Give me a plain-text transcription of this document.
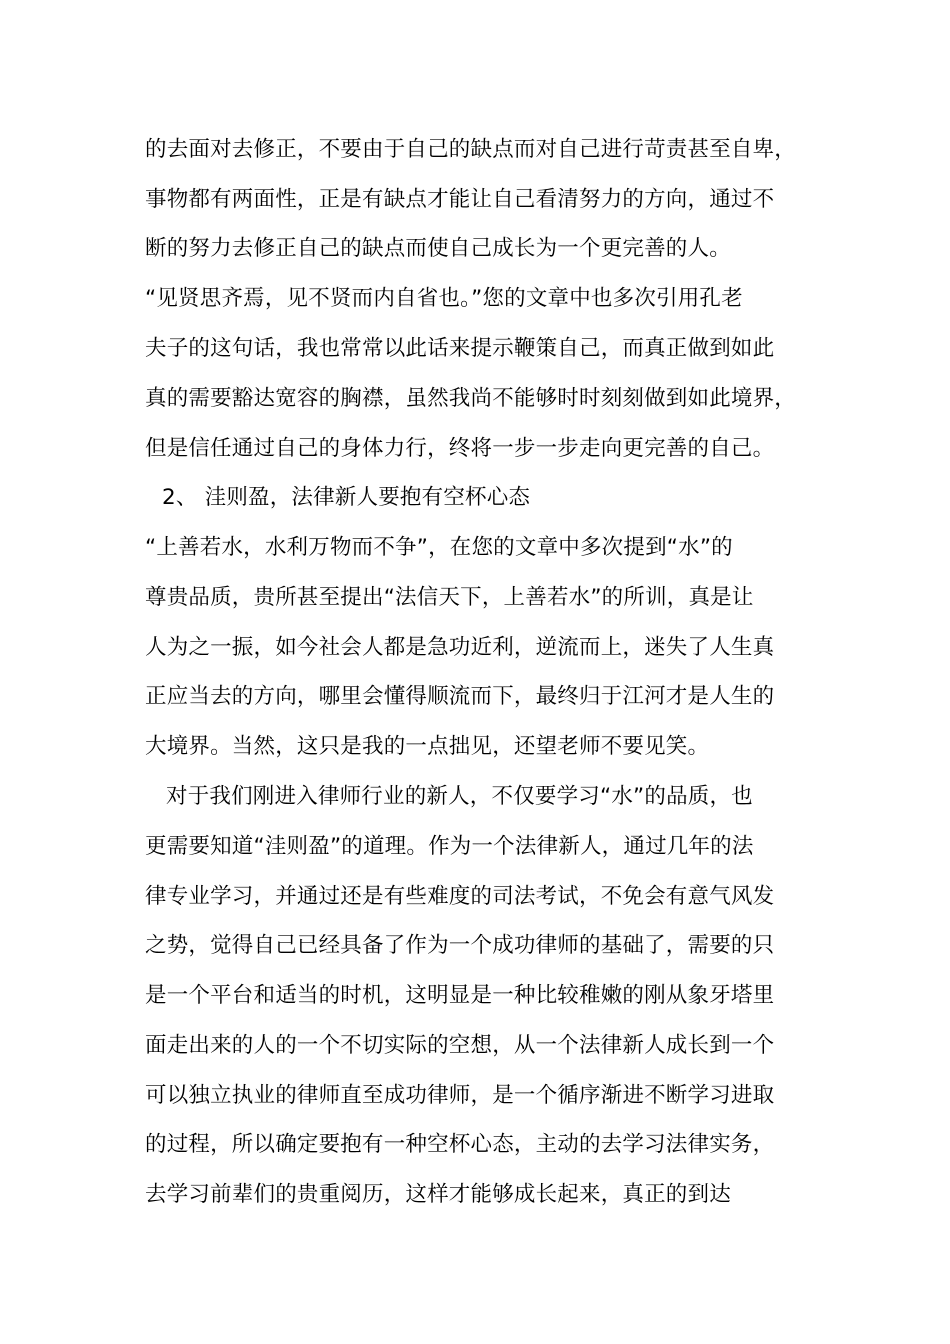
的去面对去修正，不要由于自己的缺点而对自己进行苛责甚至自卑，

事物都有两面性，正是有缺点才能让自己看清努力的方向，通过不

断的努力去修正自己的缺点而使自己成长为一个更完善的人。

“见贤思齐焉，见不贤而内自省也。”您的文章中也多次引用孔老

夫子的这句话，我也常常以此话来提示鞭策自己，而真正做到如此

真的需要豁达宽容的胸襟，虽然我尚不能够时时刻刻做到如此境界，

但是信任通过自己的身体力行，终将一步一步走向更完善的自己。

2、 洼则盈，法律新人要抱有空杯心态

“上善若水，水利万物而不争”，在您的文章中多次提到“水”的

尊贵品质，贵所甚至提出“法信天下，上善若水”的所训，真是让

人为之一振，如今社会人都是急功近利，逆流而上，迷失了人生真

正应当去的方向，哪里会懂得顺流而下，最终归于江河才是人生的

大境界。当然，这只是我的一点拙见，还望老师不要见笑。

对于我们刚进入律师行业的新人，不仅要学习“水”的品质，也

更需要知道“洼则盈”的道理。作为一个法律新人，通过几年的法

律专业学习，并通过还是有些难度的司法考试，不免会有意气风发

之势，觉得自己已经具备了作为一个成功律师的基础了，需要的只

是一个平台和适当的时机，这明显是一种比较稚嫩的刚从象牙塔里

面走出来的人的一个不切实际的空想，从一个法律新人成长到一个

可以独立执业的律师直至成功律师，是一个循序渐进不断学习进取

的过程，所以确定要抱有一种空杯心态，主动的去学习法律实务，

去学习前辈们的贵重阅历，这样才能够成长起来，真正的到达
